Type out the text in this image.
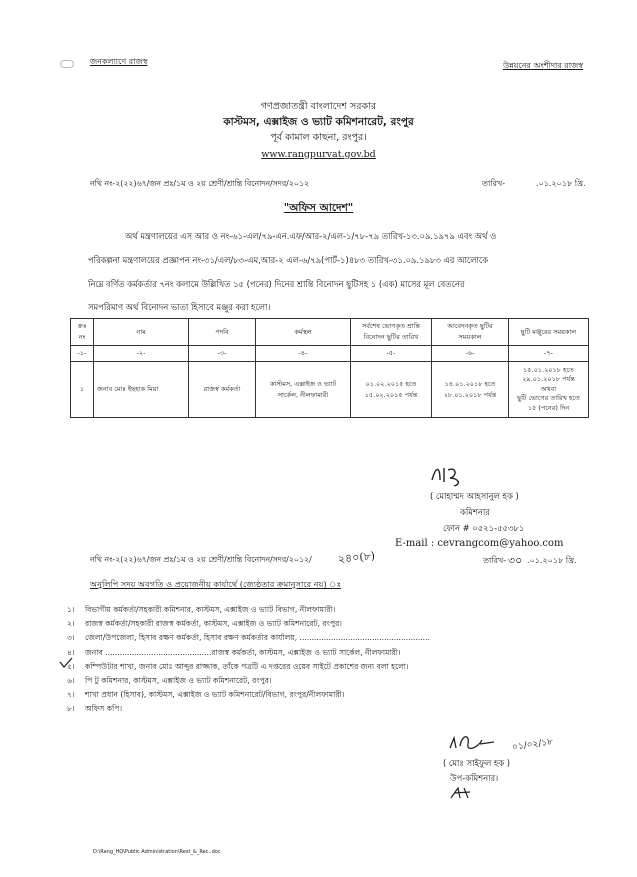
জনকল্যাণে রাজস্ব	উন্নয়নের অংশীদার রাজস্ব
গণপ্রজাতন্ত্রী বাংলাদেশ সরকার
কাস্টমস, এক্সাইজ ও ভ্যাট কমিশনারেট, রংপুর
পূর্ব কামাল কাছনা, রংপুর।
www.rangpurvat.gov.bd
নথি নং-২(২২)৬৭/জন প্রঃ/১ম ও ২য় শ্রেণী/শ্রান্তি বিনোদন/সদর/২০১২	তারিখ-	.০১.২০১৮ খ্রি.
"অফিস আদেশ"
অর্থ মন্ত্রণালয়ের এস আর ও নং-৬১-এল/৭৯-এন.এফ/আর-২/এল-১/৭৮-৭৯ তারিখ-১৩.০৯.১৯৭৯ এবং অর্থ ও
পরিকল্পনা মন্ত্রণালয়ের প্রজ্ঞাপন নং-৩১/এল/৮৩-এম,আর-২ এল-৬/৭৯(পার্ট-১)৪৮৩ তারিখ-৩১.০৯.১৯৮৩ এর আলোকে
নিম্নে বর্ণিত কর্মকর্তার ৭নং কলামে উল্লিখিত ১৫ (পনের) দিনের শ্রান্তি বিনোদন ছুটিসহ ১ (এক) মাসের মূল বেতনের
সমপরিমাণ অর্থ বিনোদন ভাতা হিসাবে মঞ্জুর করা হলো।
ক্রঃ নং	নাম	পদবি	কর্মস্থল	সর্বশেষ ভোগকৃত শ্রান্তি বিনোদন ছুটির তারিখ	আবেদনকৃত ছুটির সময়কাল	ছুটি মঞ্জুরের সময়কাল
-১-	-২-	-৩-	-৪-	-৫-	-৬-	-৭-
১	জনাব মোঃ ইছহাক মিয়া	রাজস্ব কর্মকর্তা	কাস্টমস, এক্সাইজ ও ভ্যাট সার্কেল, নীলফামারী	০১.০২.২০১৫ হতে ১৫.০২.২০১৫ পর্যন্ত	১৪.০১.২০১৮ হতে ২৮.০১.২০১৮ পর্যন্ত	১৫.০১.২০১৮ হতে
২৯.০১.২০১৮ পর্যন্ত
অথবা
ছুটি ভোগের তারিখ হতে
১৫ (পনের) দিন
( মোহাম্মদ আহসানুল হক )
কমিশনার
ফোন # ০৫২১-৫৫৩৮১
E-mail : cevrangcom@yahoo.com
নথি নং-২(২২)৬৭/জন প্রঃ/১ম ও ২য় শ্রেণী/শ্রান্তি বিনোদন/সদর/২০১২/ ২৪০(৮)	তারিখ- ৩০ .০১.২০১৮ খ্রি.
অনুলিপি সদয় অবগতি ও প্রয়োজনীয় কার্যার্থে (জ্যেষ্ঠতার ক্রমানুসারে নয়) ঃ
১। বিভাগীয় কর্মকর্তা/সহকারী কমিশনার, কাস্টমস, এক্সাইজ ও ভ্যাট বিভাগ, নীলফামারী।
২। রাজস্ব কর্মকর্তা/সহকারী রাজস্ব কর্মকর্তা, কাস্টমস, এক্সাইজ ও ভ্যাট কমিশনারেট, রংপুর।
৩। জেলা/উপজেলা, হিসাব রক্ষণ কর্মকর্তা, হিসাব রক্ষণ কর্মকর্তার কার্যালয়, ......................................................
৪। জনাব ............................................রাজস্ব কর্মকর্তা, কাস্টমস, এক্সাইজ ও ভ্যাট সার্কেল, নীলফামারী।
৫। কম্পিউটার শাখা, জনাব মোঃ আব্দুর রাজ্জাক, তাঁকে পত্রটি এ দপ্তরের ওয়েব সাইটে প্রকাশের জন্য বলা হলো।
৬। পি টু কমিশনার, কাস্টমস, এক্সাইজ ও ভ্যাট কমিশনারেট, রংপুর।
৭। শাখা প্রধান (হিসাব), কাস্টমস, এক্সাইজ ও ভ্যাট কমিশনারেট/বিভাগ, রংপুর/নীলফামারী।
৮। অফিস কপি।
০১/০২/১৮
( মোঃ সাইফুল হক )
উপ-কমিশনার।
D:\Rang_HQ\Public Administration\Rest_&_Rec..doc
